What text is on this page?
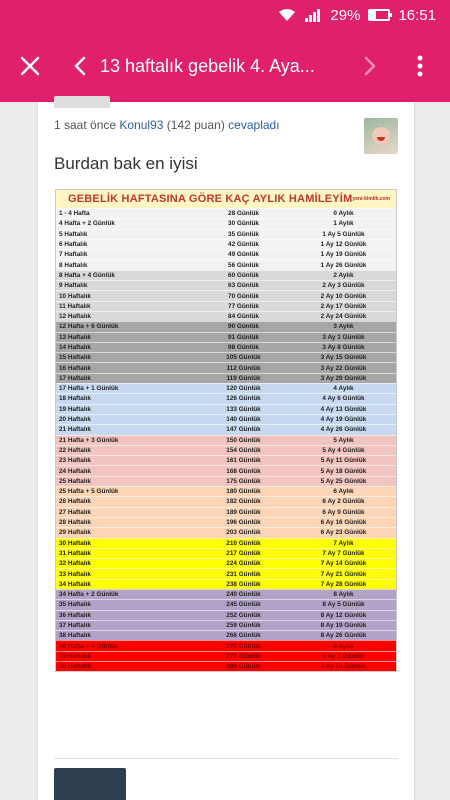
29%	16:51
13 haftalık gebelik 4. Aya...
1 saat önce Konul93 (142 puan) cevapladı
Burdan bak en iyisi
GEBELİK HAFTASINA GÖRE KAÇ AYLIK HAMİLEYİM yeni-kimlik.com
1 - 4 Hafta	28 Günlük	0 Aylık
4 Hafta + 2 Günlük	30 Günlük	1 Aylık
5 Haftalık	35 Günlük	1 Ay 5 Günlük
6 Haftalık	42 Günlük	1 Ay 12 Günlük
7 Haftalık	49 Günlük	1 Ay 19 Günlük
8 Haftalık	56 Günlük	1 Ay 26 Günlük
8 Hafta + 4 Günlük	60 Günlük	2 Aylık
9 Haftalık	63 Günlük	2 Ay 3 Günlük
10 Haftalık	70 Günlük	2 Ay 10 Günlük
11 Haftalık	77 Günlük	2 Ay 17 Günlük
12 Haftalık	84 Günlük	2 Ay 24 Günlük
12 Hafta + 6 Günlük	90 Günlük	3 Aylık
13 Haftalık	91 Günlük	3 Ay 1 Günlük
14 Haftalık	98 Günlük	3 Ay 8 Günlük
15 Haftalık	105 Günlük	3 Ay 15 Günlük
16 Haftalık	112 Günlük	3 Ay 22 Günlük
17 Haftalık	119 Günlük	3 Ay 29 Günlük
17 Hafta + 1 Günlük	120 Günlük	4 Aylık
18 Haftalık	126 Günlük	4 Ay 6 Günlük
19 Haftalık	133 Günlük	4 Ay 13 Günlük
20 Haftalık	140 Günlük	4 Ay 19 Günlük
21 Haftalık	147 Günlük	4 Ay 26 Günlük
21 Hafta + 3 Günlük	150 Günlük	5 Aylık
22 Haftalık	154 Günlük	5 Ay 4 Günlük
23 Haftalık	161 Günlük	5 Ay 11 Günlük
24 Haftalık	168 Günlük	5 Ay 18 Günlük
25 Haftalık	175 Günlük	5 Ay 25 Günlük
25 Hafta + 5 Günlük	180 Günlük	6 Aylık
26 Haftalık	182 Günlük	6 Ay 2 Günlük
27 Haftalık	189 Günlük	6 Ay 9 Günlük
28 Haftalık	196 Günlük	6 Ay 16 Günlük
29 Haftalık	203 Günlük	6 Ay 23 Günlük
30 Haftalık	210 Günlük	7 Aylık
31 Haftalık	217 Günlük	7 Ay 7 Günlük
32 Haftalık	224 Günlük	7 Ay 14 Günlük
33 Haftalık	231 Günlük	7 Ay 21 Günlük
34 Haftalık	238 Günlük	7 Ay 28 Günlük
34 Hafta + 2 Günlük	240 Günlük	8 Aylık
35 Haftalık	245 Günlük	8 Ay 5 Günlük
36 Haftalık	252 Günlük	8 Ay 12 Günlük
37 Haftalık	259 Günlük	8 Ay 19 Günlük
38 Haftalık	266 Günlük	8 Ay 26 Günlük
38 Hafta + 4 Günlük	270 Günlük	9 Aylık
39 Haftalık	273 Günlük	9 Ay 3 Günlük
40 Haftalık	280 Günlük	9 Ay 10 Günlük
